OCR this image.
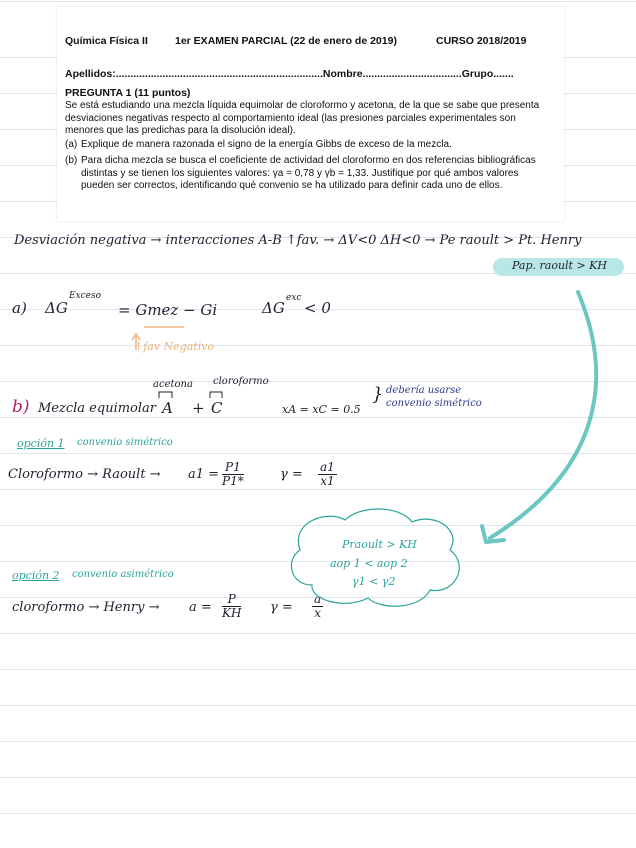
Química Física II	1er EXAMEN PARCIAL (22 de enero de 2019)	CURSO 2018/2019
Apellidos:.......................................................................Nombre..................................Grupo.......
PREGUNTA 1 (11 puntos)
Se está estudiando una mezcla líquida equimolar de cloroformo y acetona, de la que se sabe que presenta desviaciones negativas respecto al comportamiento ideal (las presiones parciales experimentales son menores que las predichas para la disolución ideal).
(a) Explique de manera razonada el signo de la energía Gibbs de exceso de la mezcla.
(b) Para dicha mezcla se busca el coeficiente de actividad del cloroformo en dos referencias bibliográficas distintas y se tienen los siguientes valores: γa = 0,78 y γb = 1,33. Justifique por qué ambos valores pueden ser correctos, identificando qué convenio se ha utilizado para definir cada uno de ellos.
Desviación negativa → interacciones A-B ↑fav. → ΔV<0 ΔH<0 → Pe raoult > Pt. Henry
Pap. raoult > KH
a) ΔG
Exceso
= Gmez − Gi	ΔG
exc
< 0
↑fav Negativo
b) Mezcla equimolar
acetona cloroformo
A + C	xA = xC = 0.5
} debería usarse
convenio simétrico
opción 1 convenio simétrico
Cloroformo → Raoult → $a1 = \frac{P1}{P1*}$	$\gamma = \frac{a1}{x1}$
Praoult > KH
aop 1 < aop 2
γ1 < γ2
opción 2 convenio asimétrico
cloroformo → Henry → $a = \frac{P}{KH}$ $\gamma = \frac{a}{x}$
